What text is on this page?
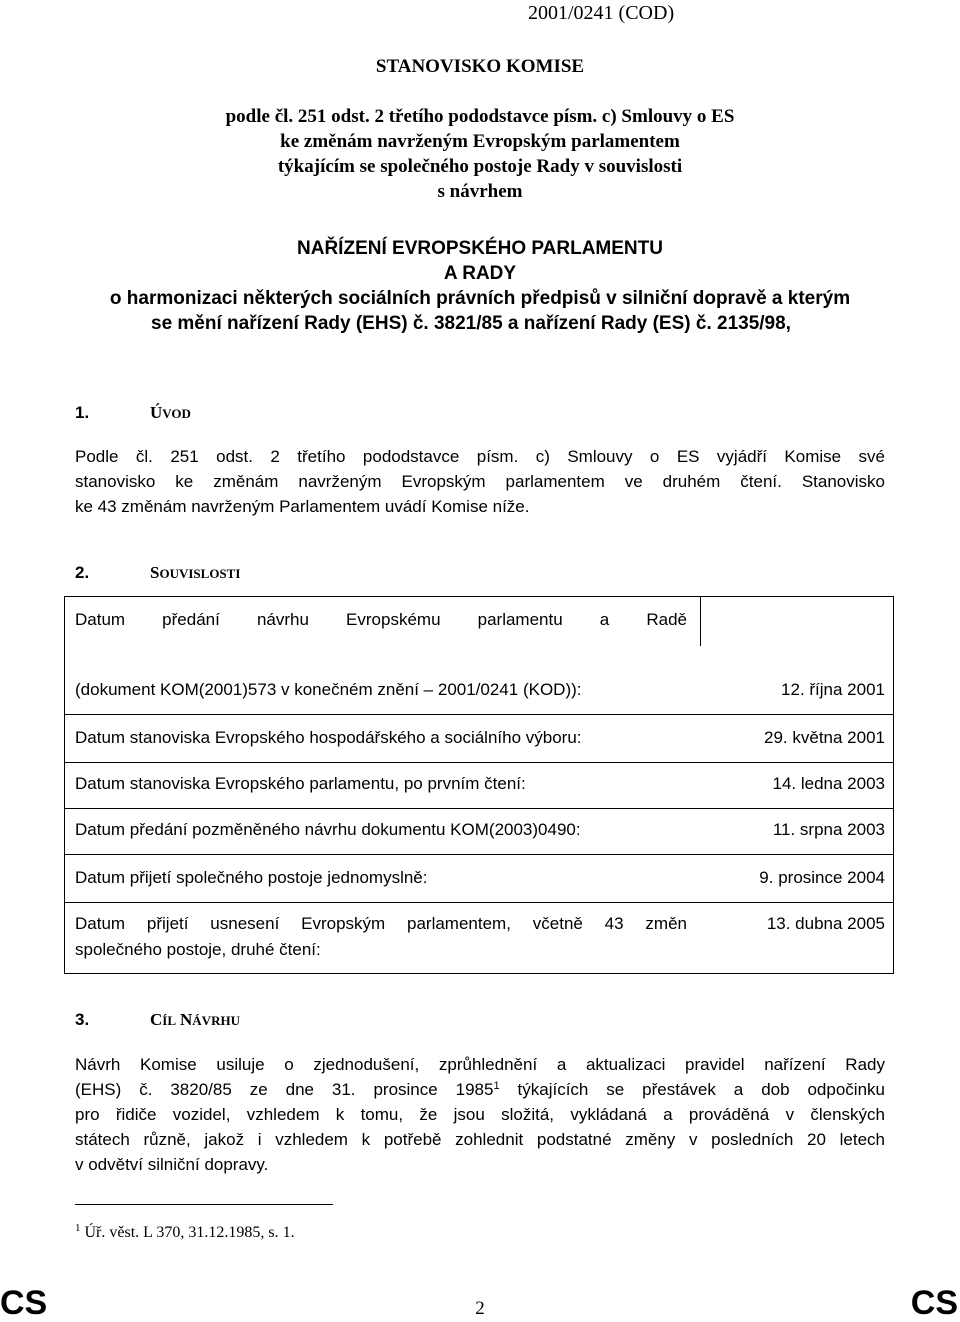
2001/0241 (COD)
STANOVISKO KOMISE
podle čl. 251 odst. 2 třetího pododstavce písm. c) Smlouvy o ES
ke změnám navrženým Evropským parlamentem
týkajícím se společného postoje Rady v souvislosti
s návrhem
NAŘÍZENÍ EVROPSKÉHO PARLAMENTU
A RADY
o harmonizaci některých sociálních právních předpisů v silniční dopravě a kterým
se mění nařízení Rady (EHS) č. 3821/85 a nařízení Rady (ES) č. 2135/98,
1.	ÚVOD
Podle čl. 251 odst. 2 třetího pododstavce písm. c) Smlouvy o ES vyjádří Komise své
stanovisko ke změnám navrženým Evropským parlamentem ve druhém čtení. Stanovisko
ke 43 změnám navrženým Parlamentem uvádí Komise níže.
2.	SOUVISLOSTI
Datum předání návrhu Evropskému parlamentu a Radě
(dokument KOM(2001)573 v konečném znění – 2001/0241 (KOD)):	12. října 2001
Datum stanoviska Evropského hospodářského a sociálního výboru:	29. května 2001
Datum stanoviska Evropského parlamentu, po prvním čtení:	14. ledna 2003
Datum předání pozměněného návrhu dokumentu KOM(2003)0490:	11. srpna 2003
Datum přijetí společného postoje jednomyslně:	9. prosince 2004
Datum přijetí usnesení Evropským parlamentem, včetně 43 změn	13. dubna 2005
společného postoje, druhé čtení:
3.	CÍL NÁVRHU
Návrh Komise usiluje o zjednodušení, zprůhlednění a aktualizaci pravidel nařízení Rady
(EHS) č. 3820/85 ze dne 31. prosince 1985$^1$ týkajících se přestávek a dob odpočinku
pro řidiče vozidel, vzhledem k tomu, že jsou složitá, vykládaná a prováděná v členských
státech různě, jakož i vzhledem k potřebě zohlednit podstatné změny v posledních 20 letech
v odvětví silniční dopravy.
$^1$ Úř. věst. L 370, 31.12.1985, s. 1.
CS	2	CS
